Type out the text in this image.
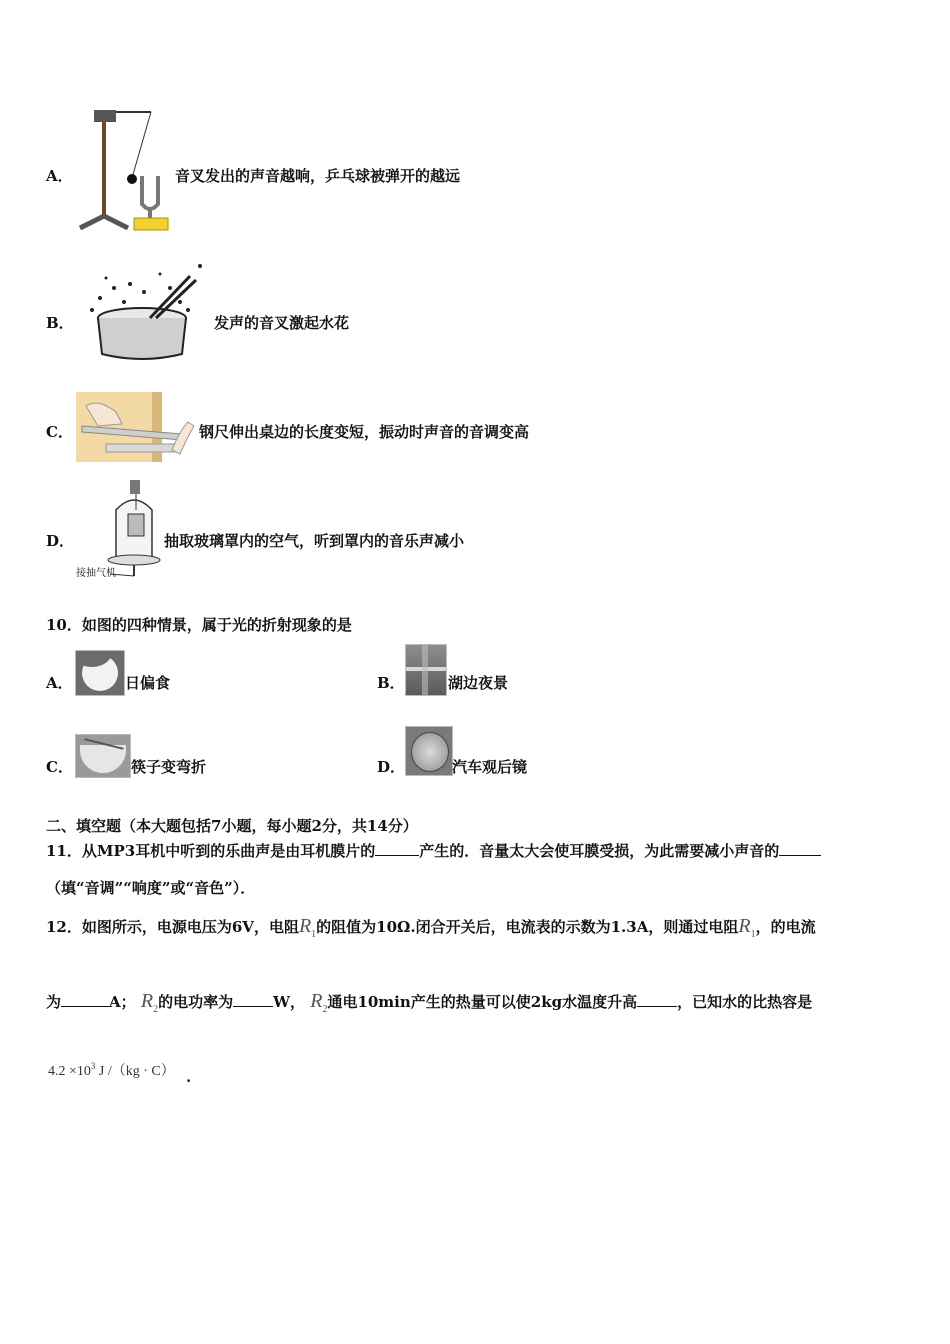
A．	音叉发出的声音越响，乒乓球被弹开的越远
B．	发声的音叉激起水花
C．	钢尺伸出桌边的长度变短，振动时声音的音调变高
D．
接抽气机
抽取玻璃罩内的空气，听到罩内的音乐声减小
10．如图的四种情景，属于光的折射现象的是
A．	日偏食	B．	湖边夜景
C．	筷子变弯折	D．	汽车观后镜
二、填空题（本大题包括7小题，每小题2分，共14分）
11．从MP3耳机中听到的乐曲声是由耳机膜片的	产生的．音量太大会使耳膜受损，为此需要减小声音的
（填“音调”“响度”或“音色”）．
12．如图所示，电源电压为6V，电阻$R_1$的阻值为10Ω.闭合开关后，电流表的示数为1.3A，则通过电阻$R_1$，的电流
为	A； $R_2$的电功率为	W， $R_2$通电10min产生的热量可以使2kg水温度升高	，已知水的比热容是
$4.2 \times 10^3$ J /（kg · C） .
